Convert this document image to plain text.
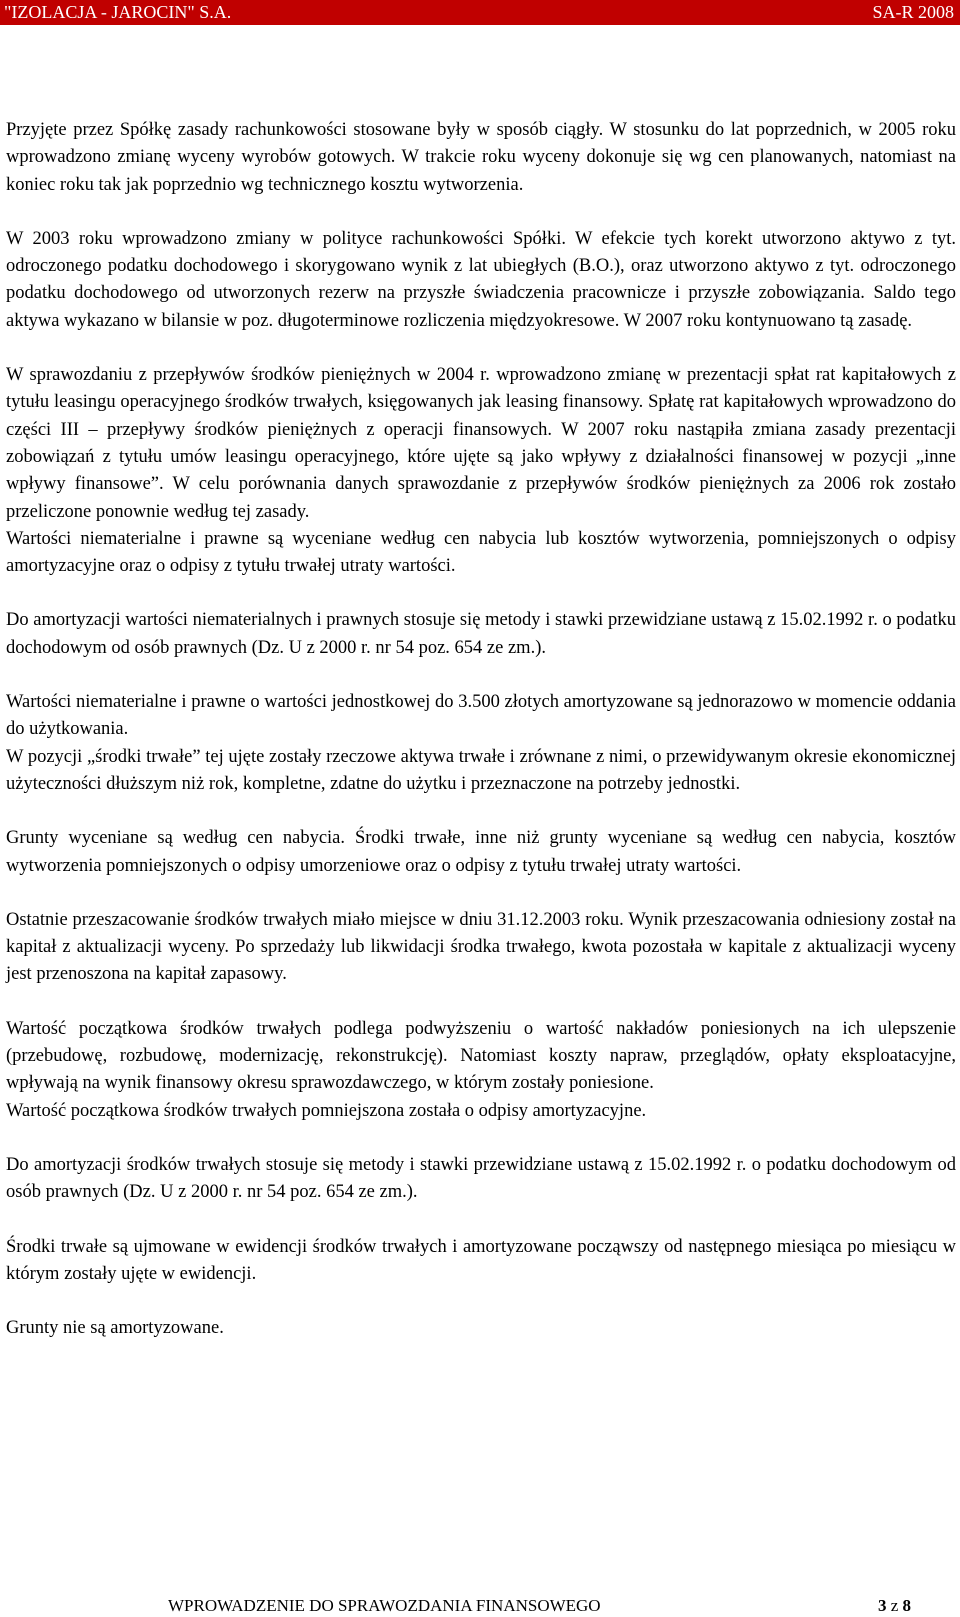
"IZOLACJA - JAROCIN" S.A.	SA-R 2008

Przyjęte przez Spółkę zasady rachunkowości stosowane były w sposób ciągły. W stosunku do lat poprzednich, w 2005 roku wprowadzono zmianę wyceny wyrobów gotowych. W trakcie roku wyceny dokonuje się wg cen planowanych, natomiast na koniec roku tak jak poprzednio wg technicznego kosztu wytworzenia.

W 2003 roku wprowadzono zmiany w polityce rachunkowości Spółki. W efekcie tych korekt utworzono aktywo z tyt. odroczonego podatku dochodowego i skorygowano wynik z lat ubiegłych (B.O.), oraz utworzono aktywo z tyt. odroczonego podatku dochodowego od utworzonych rezerw na przyszłe świadczenia pracownicze i przyszłe zobowiązania. Saldo tego aktywa wykazano w bilansie w poz. długoterminowe rozliczenia międzyokresowe. W 2007 roku kontynuowano tą zasadę.

W sprawozdaniu z przepływów środków pieniężnych w 2004 r. wprowadzono zmianę w prezentacji spłat rat kapitałowych z tytułu leasingu operacyjnego środków trwałych, księgowanych jak leasing finansowy. Spłatę rat kapitałowych wprowadzono do części III – przepływy środków pieniężnych z operacji finansowych. W 2007 roku nastąpiła zmiana zasady prezentacji zobowiązań z tytułu umów leasingu operacyjnego, które ujęte są jako wpływy z działalności finansowej w pozycji „inne wpływy finansowe”. W celu porównania danych sprawozdanie z przepływów środków pieniężnych za 2006 rok zostało przeliczone ponownie według tej zasady.

Wartości niematerialne i prawne są wyceniane według cen nabycia lub kosztów wytworzenia, pomniejszonych o odpisy amortyzacyjne oraz o odpisy z tytułu trwałej utraty wartości.

Do amortyzacji wartości niematerialnych i prawnych stosuje się metody i stawki przewidziane ustawą z 15.02.1992 r. o podatku dochodowym od osób prawnych (Dz. U z 2000 r. nr 54 poz. 654 ze zm.).

Wartości niematerialne i prawne o wartości jednostkowej do 3.500 złotych amortyzowane są jednorazowo w momencie oddania do użytkowania.

W pozycji „środki trwałe” tej ujęte zostały rzeczowe aktywa trwałe i zrównane z nimi, o przewidywanym okresie ekonomicznej użyteczności dłuższym niż rok, kompletne, zdatne do użytku i przeznaczone na potrzeby jednostki.

Grunty wyceniane są według cen nabycia. Środki trwałe, inne niż grunty wyceniane są według cen nabycia, kosztów wytworzenia pomniejszonych o odpisy umorzeniowe oraz o odpisy z tytułu trwałej utraty wartości.

Ostatnie przeszacowanie środków trwałych miało miejsce w dniu 31.12.2003 roku. Wynik przeszacowania odniesiony został na kapitał z aktualizacji wyceny. Po sprzedaży lub likwidacji środka trwałego, kwota pozostała w kapitale z aktualizacji wyceny jest przenoszona na kapitał zapasowy.

Wartość początkowa środków trwałych podlega podwyższeniu o wartość nakładów poniesionych na ich ulepszenie (przebudowę, rozbudowę, modernizację, rekonstrukcję). Natomiast koszty napraw, przeglądów, opłaty eksploatacyjne, wpływają na wynik finansowy okresu sprawozdawczego, w którym zostały poniesione.

Wartość początkowa środków trwałych pomniejszona została o odpisy amortyzacyjne.

Do amortyzacji środków trwałych stosuje się metody i stawki przewidziane ustawą z 15.02.1992 r. o podatku dochodowym od osób prawnych (Dz. U z 2000 r. nr 54 poz. 654 ze zm.).

Środki trwałe są ujmowane w ewidencji środków trwałych i amortyzowane począwszy od następnego miesiąca po miesiącu w którym zostały ujęte w ewidencji.

Grunty nie są amortyzowane.

WPROWADZENIE DO SPRAWOZDANIA FINANSOWEGO	3 z 8
